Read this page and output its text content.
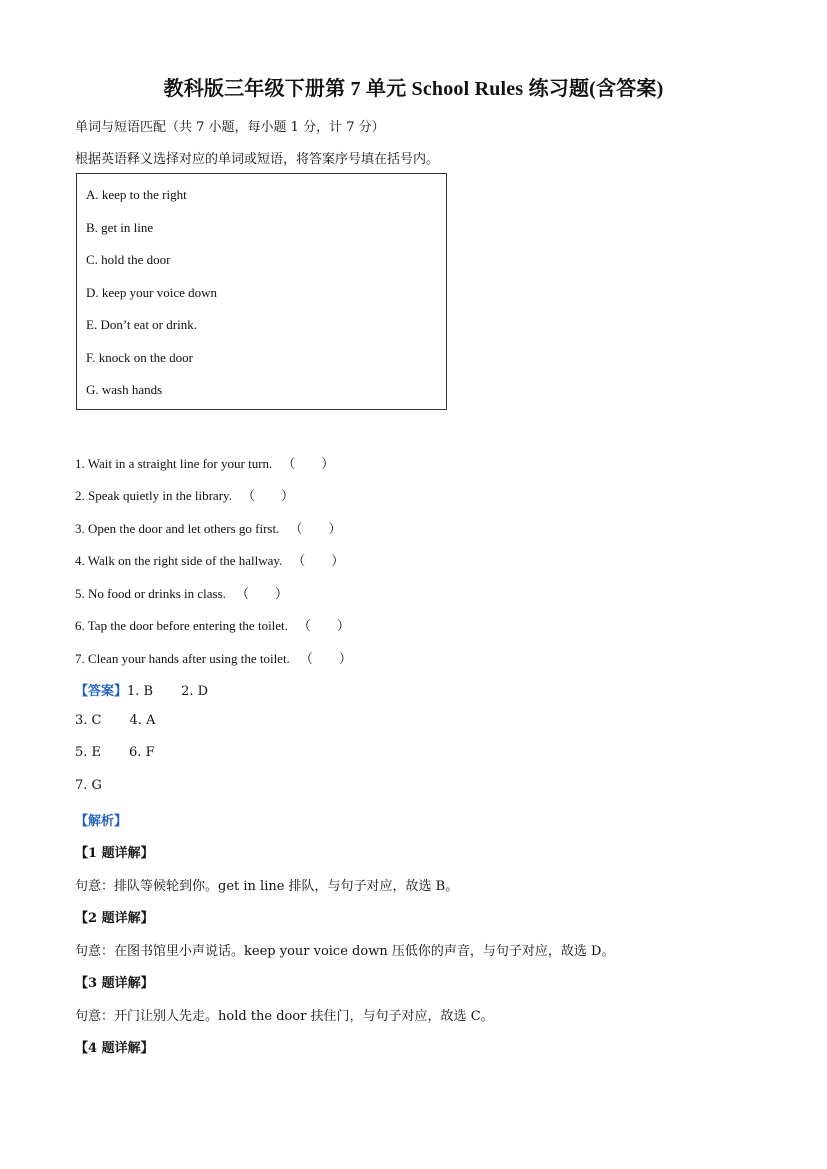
教科版三年级下册第 7 单元 School Rules 练习题(含答案)
单词与短语匹配（共 7 小题，每小题 1 分，计 7 分）
根据英语释义选择对应的单词或短语，将答案序号填在括号内。
A. keep to the right
B. get in line
C. hold the door
D. keep your voice down
E. Don’t eat or drink.
F. knock on the door
G. wash hands
1. Wait in a straight line for your turn. （　　）
2. Speak quietly in the library. （　　）
3. Open the door and let others go first. （　　）
4. Walk on the right side of the hallway. （　　）
5. No food or drinks in class. （　　）
6. Tap the door before entering the toilet. （　　）
7. Clean your hands after using the toilet. （　　）
【答案】1. B 2. D
3. C 4. A
5. E 6. F
7. G
【解析】
【1 题详解】
句意：排队等候轮到你。get in line 排队，与句子对应，故选 B。
【2 题详解】
句意：在图书馆里小声说话。keep your voice down 压低你的声音，与句子对应，故选 D。
【3 题详解】
句意：开门让别人先走。hold the door 扶住门，与句子对应，故选 C。
【4 题详解】
